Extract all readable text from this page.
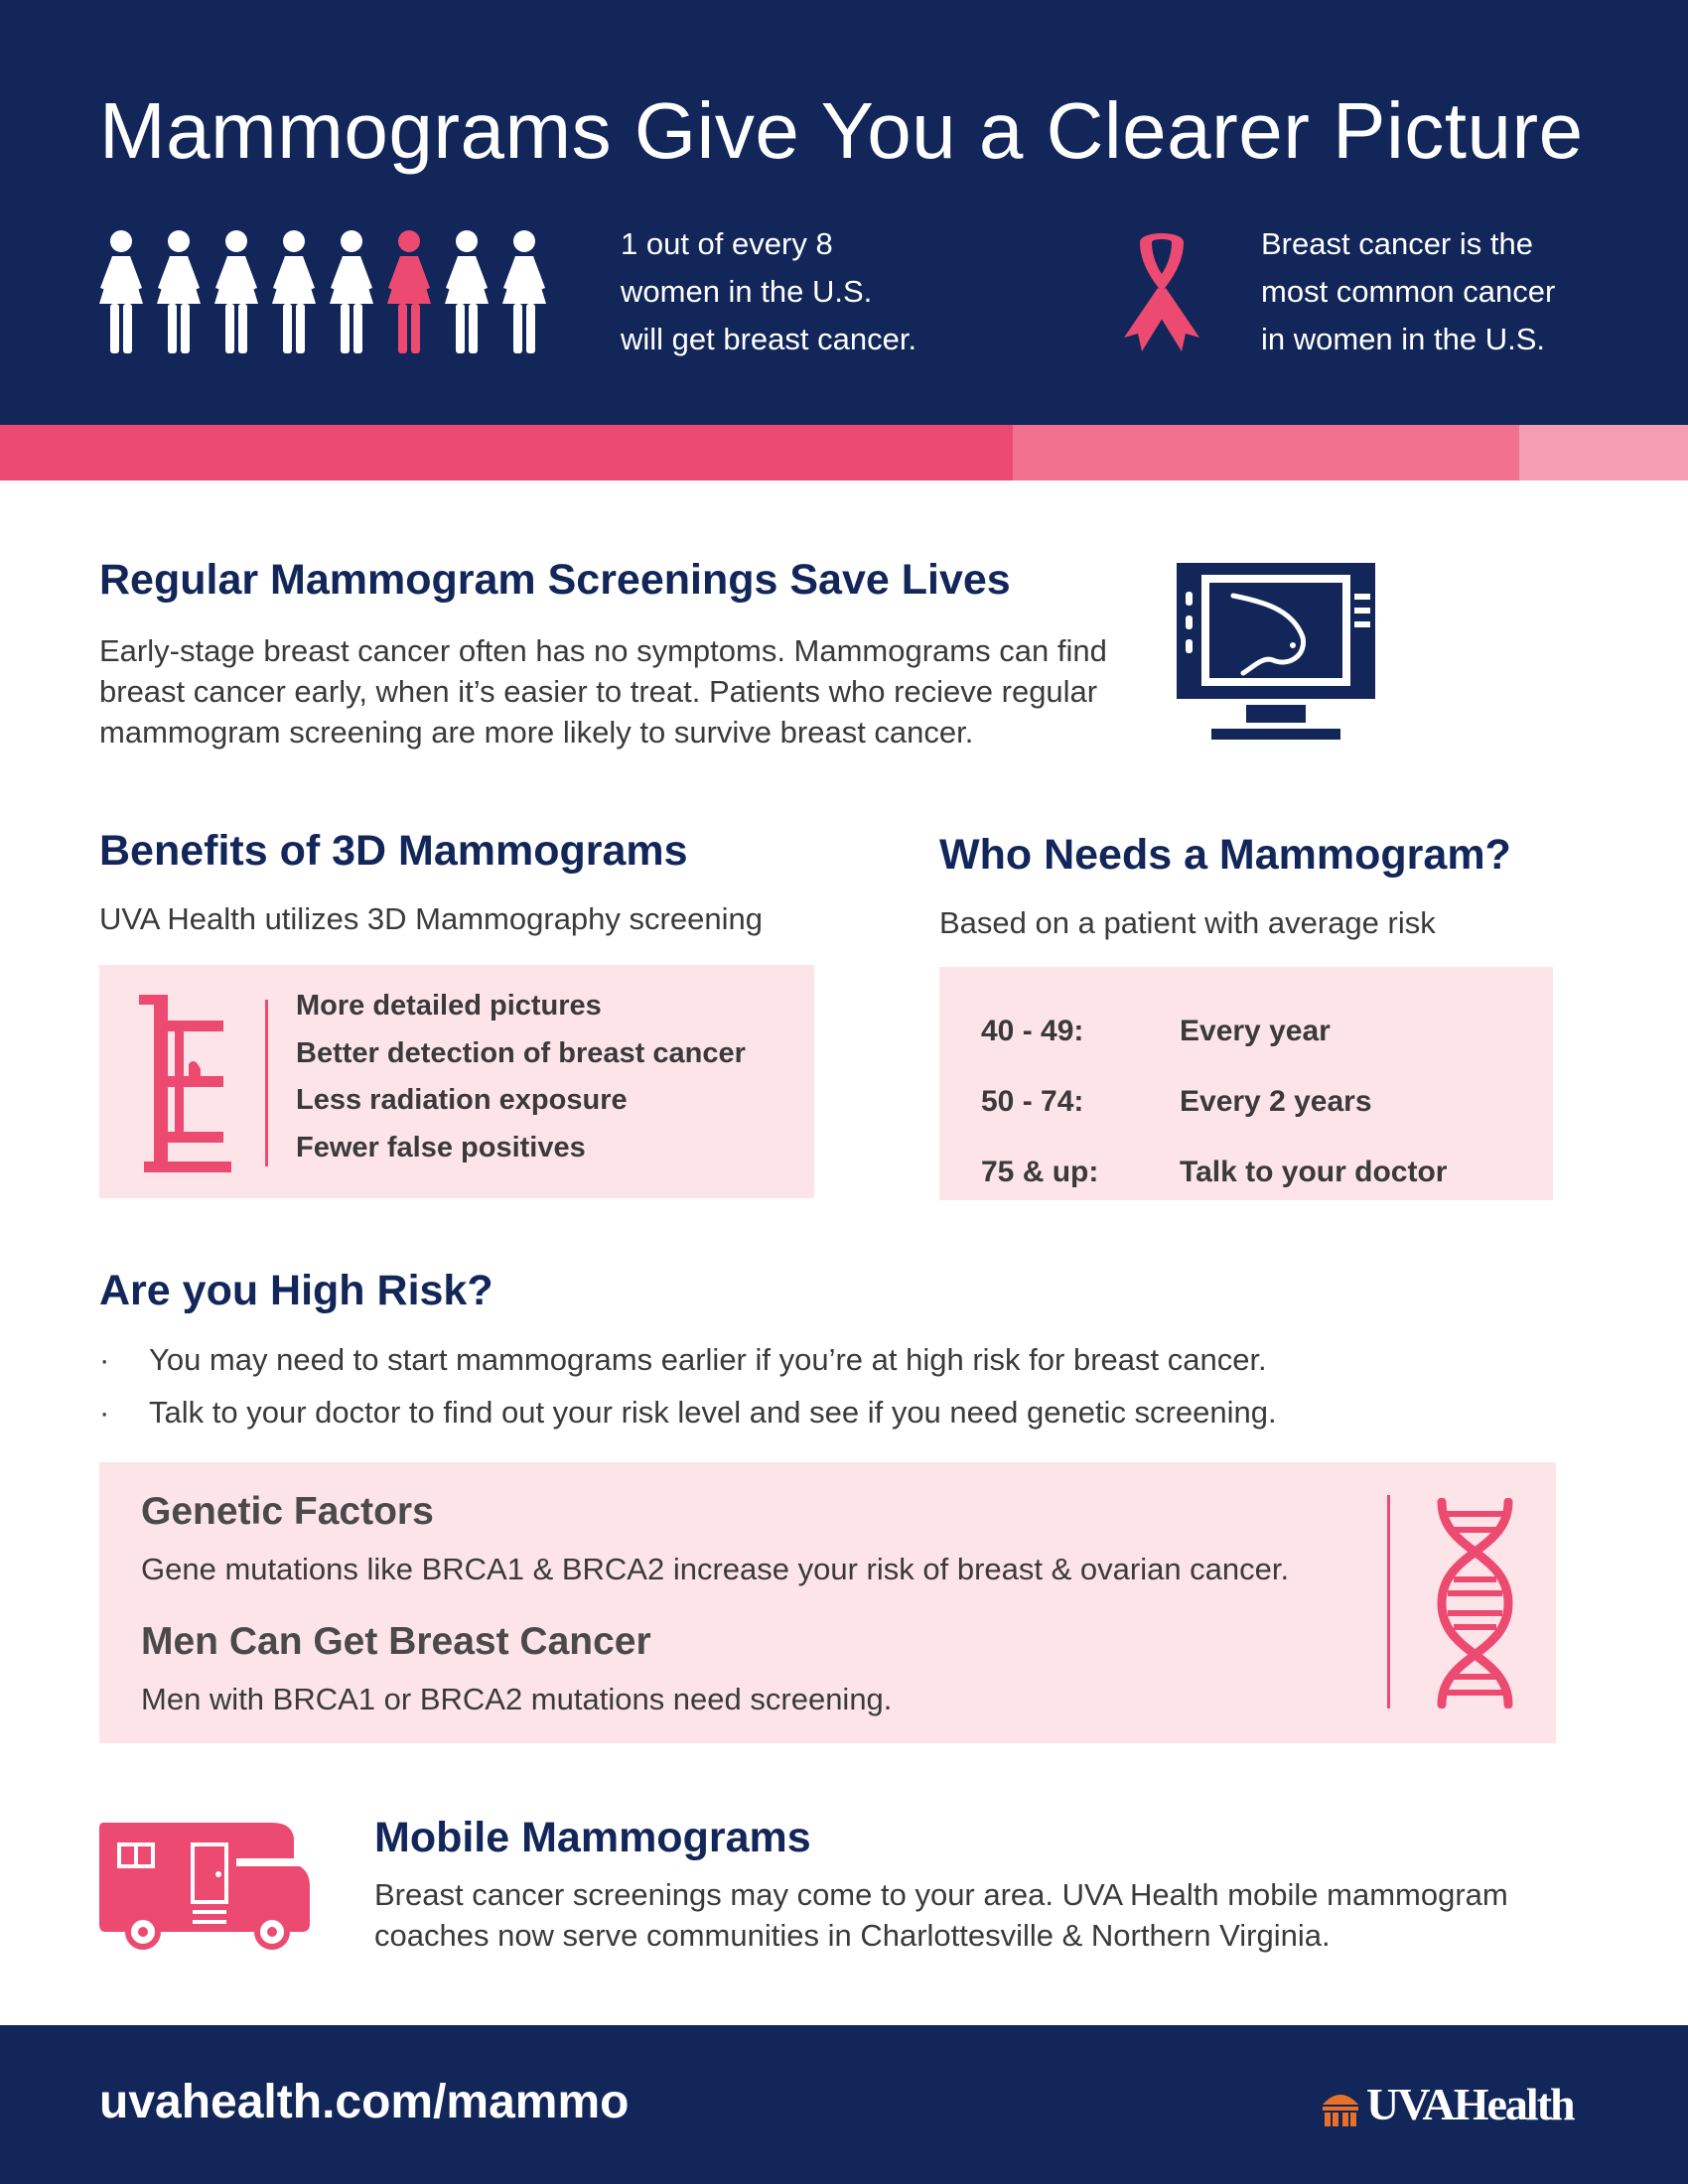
Mammograms Give You a Clearer Picture
1 out of every 8
women in the U.S.
will get breast cancer.
Breast cancer is the
most common cancer
in women in the U.S.
Regular Mammogram Screenings Save Lives
Early-stage breast cancer often has no symptoms. Mammograms can find breast cancer early, when it’s easier to treat. Patients who recieve regular mammogram screening are more likely to survive breast cancer.
Benefits of 3D Mammograms
UVA Health utilizes 3D Mammography screening
More detailed pictures
Better detection of breast cancer
Less radiation exposure
Fewer false positives
Who Needs a Mammogram?
Based on a patient with average risk
40 - 49:	Every year
50 - 74:	Every 2 years
75 & up:	Talk to your doctor
Are you High Risk?
· You may need to start mammograms earlier if you’re at high risk for breast cancer.
· Talk to your doctor to find out your risk level and see if you need genetic screening.
Genetic Factors
Gene mutations like BRCA1 & BRCA2 increase your risk of breast & ovarian cancer.
Men Can Get Breast Cancer
Men with BRCA1 or BRCA2 mutations need screening.
Mobile Mammograms
Breast cancer screenings may come to your area. UVA Health mobile mammogram coaches now serve communities in Charlottesville & Northern Virginia.
uvahealth.com/mammo	UVAHealth
